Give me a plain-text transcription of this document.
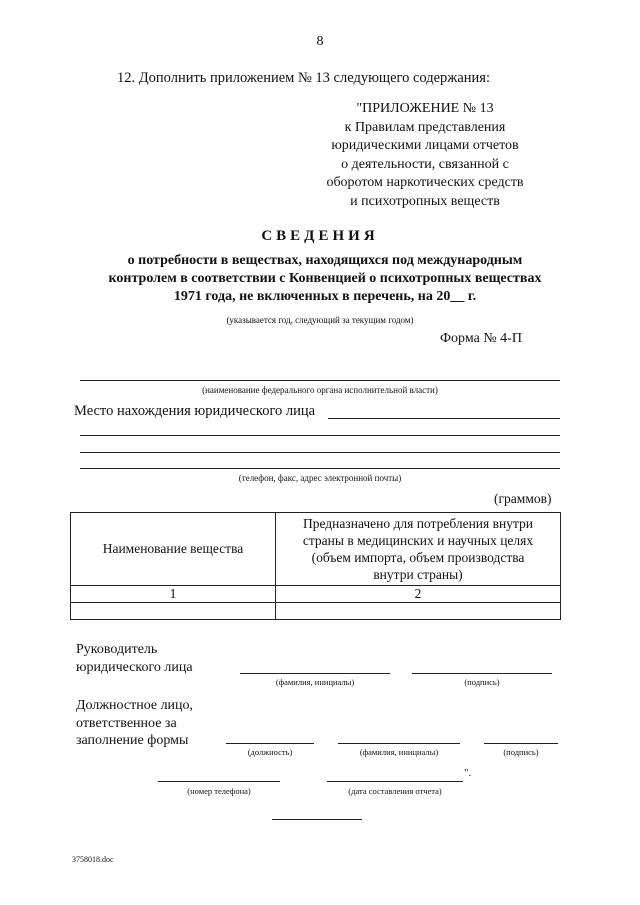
8
12. Дополнить приложением № 13 следующего содержания:
"ПРИЛОЖЕНИЕ № 13
к Правилам представления
юридическими лицами отчетов
о деятельности, связанной с
оборотом наркотических средств
и психотропных веществ
СВЕДЕНИЯ
о потребности в веществах, находящихся под международным
контролем в соответствии с Конвенцией о психотропных веществах
1971 года, не включенных в перечень, на 20__ г.
(указывается год, следующий за текущим годом)
Форма № 4-П
(наименование федерального органа исполнительной власти)
Место нахождения юридического лица
(телефон, факс, адрес электронной почты)
(граммов)
Наименование вещества	Предназначено для потребления внутри
страны в медицинских и научных целях
(объем импорта, объем производства
внутри страны)

1	2

Руководитель
юридического лица
(фамилия, инициалы)	(подпись)
Должностное лицо,
ответственное за
заполнение формы
(должность)	(фамилия, инициалы)	(подпись)
".
(номер телефона)	(дата составления отчета)
3758018.doc
